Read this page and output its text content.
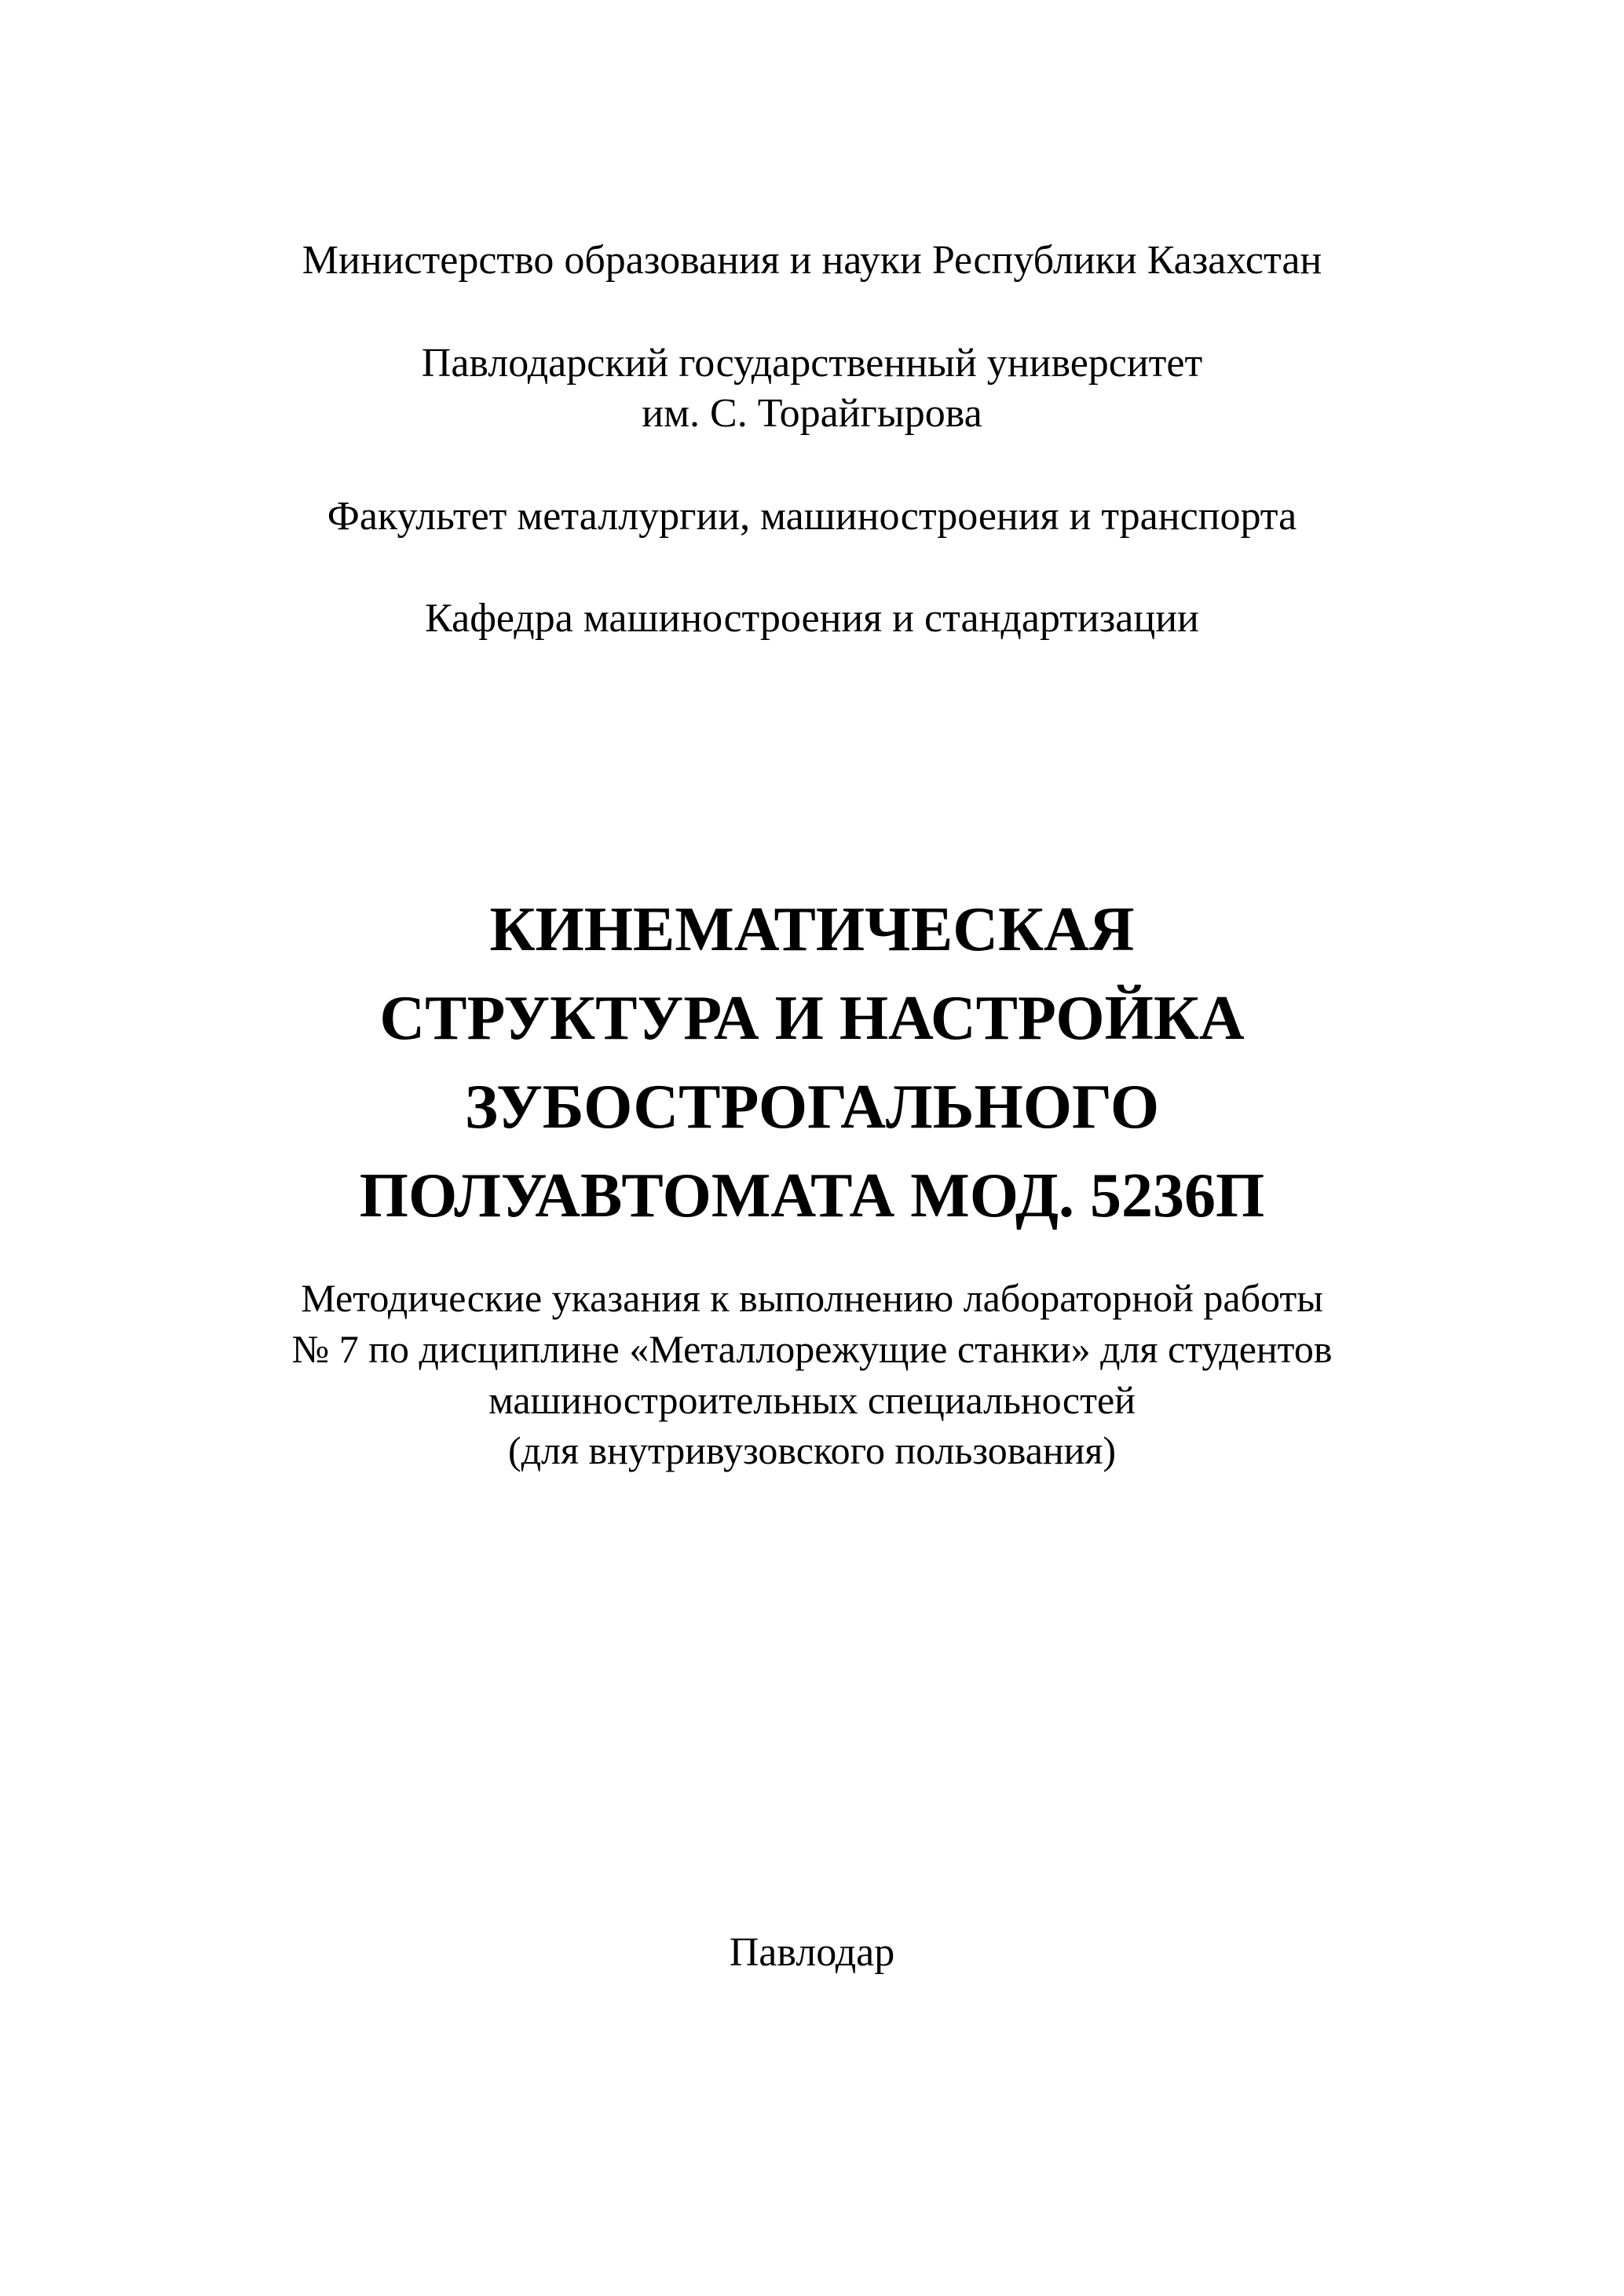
Министерство образования и науки Республики Казахстан
Павлодарский государственный университет
им. С. Торайгырова
Факультет металлургии, машиностроения и транспорта
Кафедра машиностроения и стандартизации
КИНЕМАТИЧЕСКАЯ
СТРУКТУРА И НАСТРОЙКА
ЗУБОСТРОГАЛЬНОГО
ПОЛУАВТОМАТА МОД. 5236П
Методические указания к выполнению лабораторной работы
№ 7 по дисциплине «Металлорежущие станки» для студентов
машиностроительных специальностей
(для внутривузовского пользования)
Павлодар
